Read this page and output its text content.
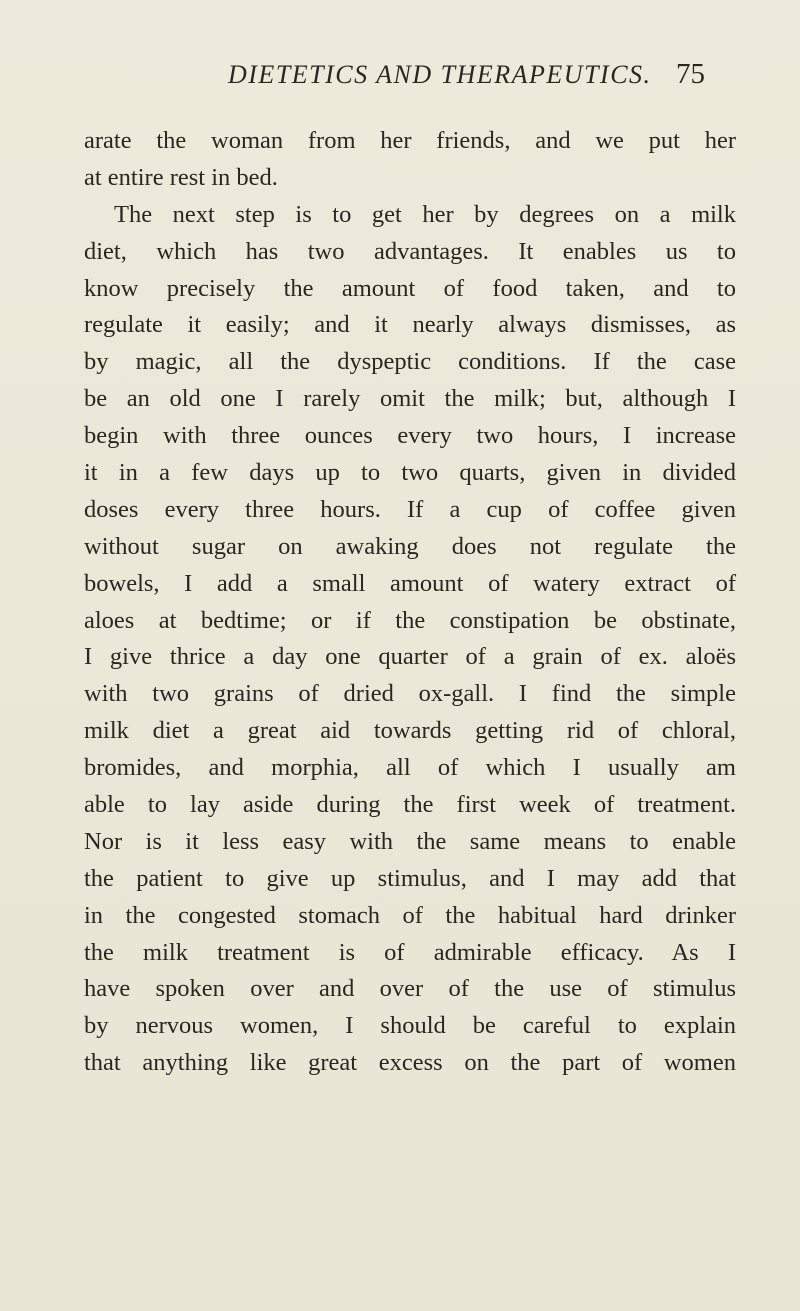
DIETETICS AND THERAPEUTICS. 75
arate the woman from her friends, and we put her
at entire rest in bed.
The next step is to get her by degrees on a milk
diet, which has two advantages. It enables us to
know precisely the amount of food taken, and to
regulate it easily; and it nearly always dismisses, as
by magic, all the dyspeptic conditions. If the case
be an old one I rarely omit the milk; but, although I
begin with three ounces every two hours, I increase
it in a few days up to two quarts, given in divided
doses every three hours. If a cup of coffee given
without sugar on awaking does not regulate the
bowels, I add a small amount of watery extract of
aloes at bedtime; or if the constipation be obstinate,
I give thrice a day one quarter of a grain of ex. aloës
with two grains of dried ox-gall. I find the simple
milk diet a great aid towards getting rid of chloral,
bromides, and morphia, all of which I usually am
able to lay aside during the first week of treatment.
Nor is it less easy with the same means to enable
the patient to give up stimulus, and I may add that
in the congested stomach of the habitual hard drinker
the milk treatment is of admirable efficacy. As I
have spoken over and over of the use of stimulus
by nervous women, I should be careful to explain
that anything like great excess on the part of women
